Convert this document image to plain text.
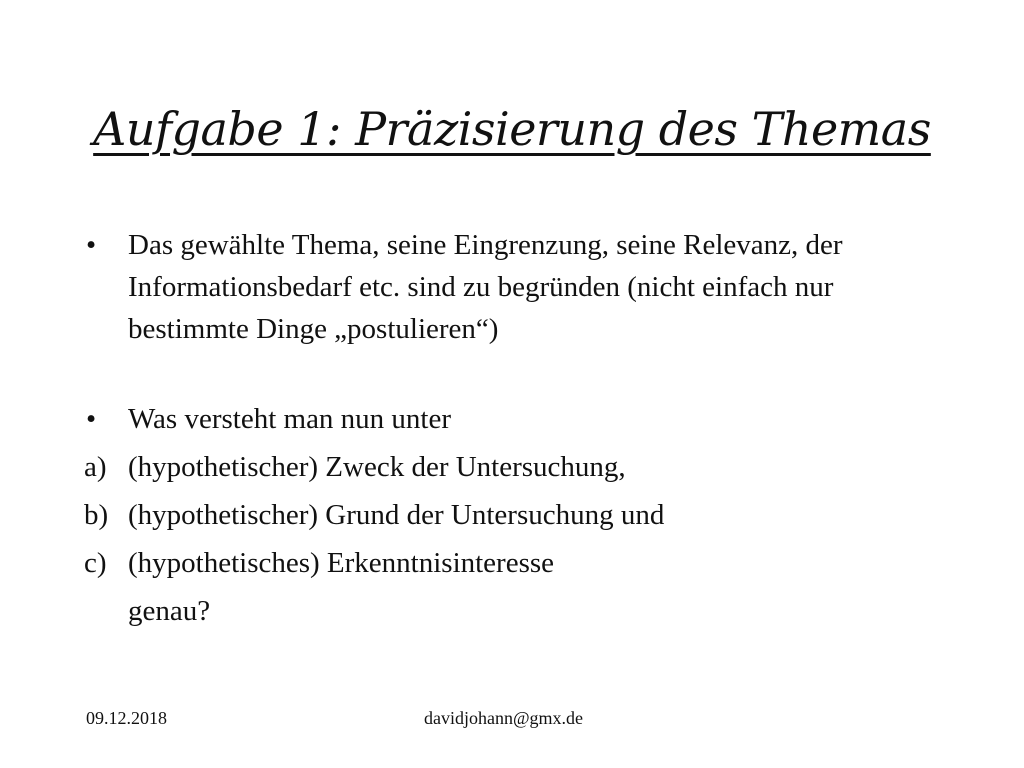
Aufgabe 1: Präzisierung des Themas
• Das gewählte Thema, seine Eingrenzung, seine Relevanz, der Informationsbedarf etc. sind zu begründen (nicht einfach nur bestimmte Dinge „postulieren“)
• Was versteht man nun unter
a) (hypothetischer) Zweck der Untersuchung,
b) (hypothetischer) Grund der Untersuchung und
c) (hypothetisches) Erkenntnisinteresse
genau?
09.12.2018	davidjohann@gmx.de
